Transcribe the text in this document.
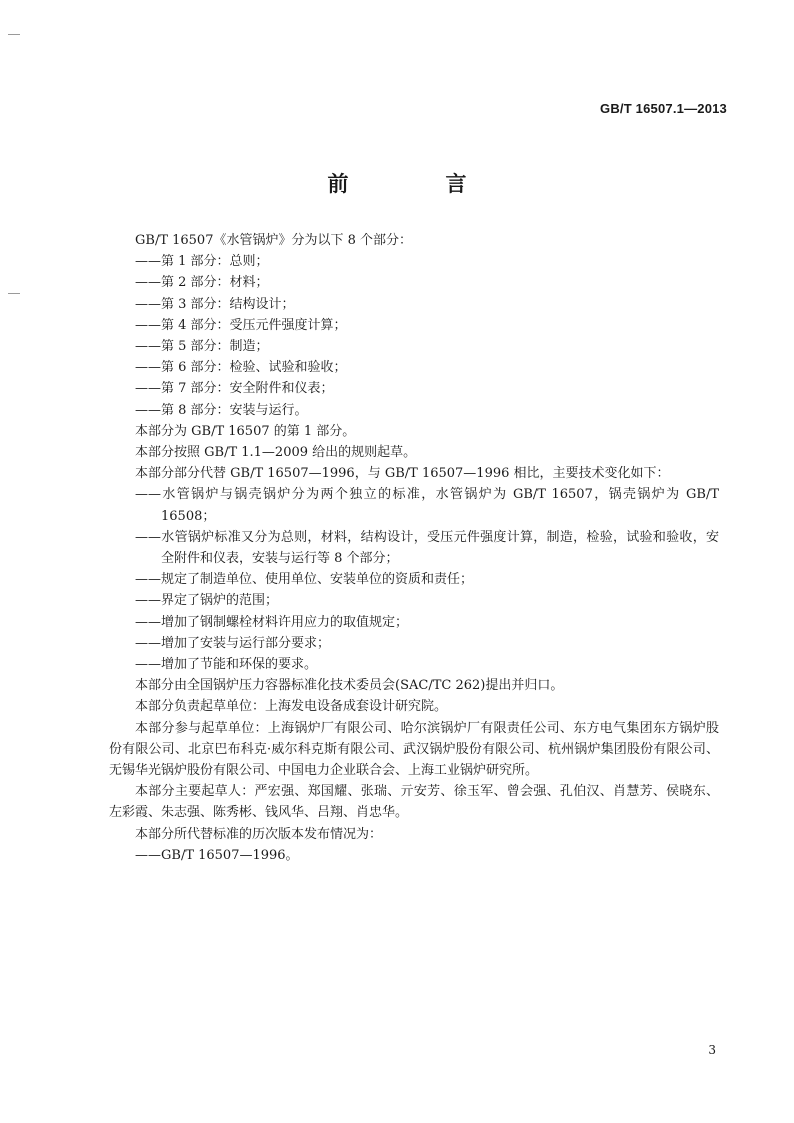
GB/T 16507.1—2013
前　言

GB/T 16507《水管锅炉》分为以下 8 个部分：

——第 1 部分：总则；

——第 2 部分：材料；

——第 3 部分：结构设计；

——第 4 部分：受压元件强度计算；

——第 5 部分：制造；

——第 6 部分：检验、试验和验收；

——第 7 部分：安全附件和仪表；

——第 8 部分：安装与运行。

本部分为 GB/T 16507 的第 1 部分。

本部分按照 GB/T 1.1—2009 给出的规则起草。

本部分部分代替 GB/T 16507—1996，与 GB/T 16507—1996 相比，主要技术变化如下：

——水管锅炉与锅壳锅炉分为两个独立的标准，水管锅炉为 GB/T 16507，锅壳锅炉为 GB/T 16508；

——水管锅炉标准又分为总则，材料，结构设计，受压元件强度计算，制造，检验，试验和验收，安全附件和仪表，安装与运行等 8 个部分；

——规定了制造单位、使用单位、安装单位的资质和责任；

——界定了锅炉的范围；

——增加了钢制螺栓材料许用应力的取值规定；

——增加了安装与运行部分要求；

——增加了节能和环保的要求。

本部分由全国锅炉压力容器标准化技术委员会(SAC/TC 262)提出并归口。

本部分负责起草单位：上海发电设备成套设计研究院。

本部分参与起草单位：上海锅炉厂有限公司、哈尔滨锅炉厂有限责任公司、东方电气集团东方锅炉股份有限公司、北京巴布科克·威尔科克斯有限公司、武汉锅炉股份有限公司、杭州锅炉集团股份有限公司、无锡华光锅炉股份有限公司、中国电力企业联合会、上海工业锅炉研究所。

本部分主要起草人：严宏强、郑国耀、张瑞、亓安芳、徐玉军、曾会强、孔伯汉、肖慧芳、侯晓东、左彩霞、朱志强、陈秀彬、钱风华、吕翔、肖忠华。

本部分所代替标准的历次版本发布情况为：

——GB/T 16507—1996。

3
